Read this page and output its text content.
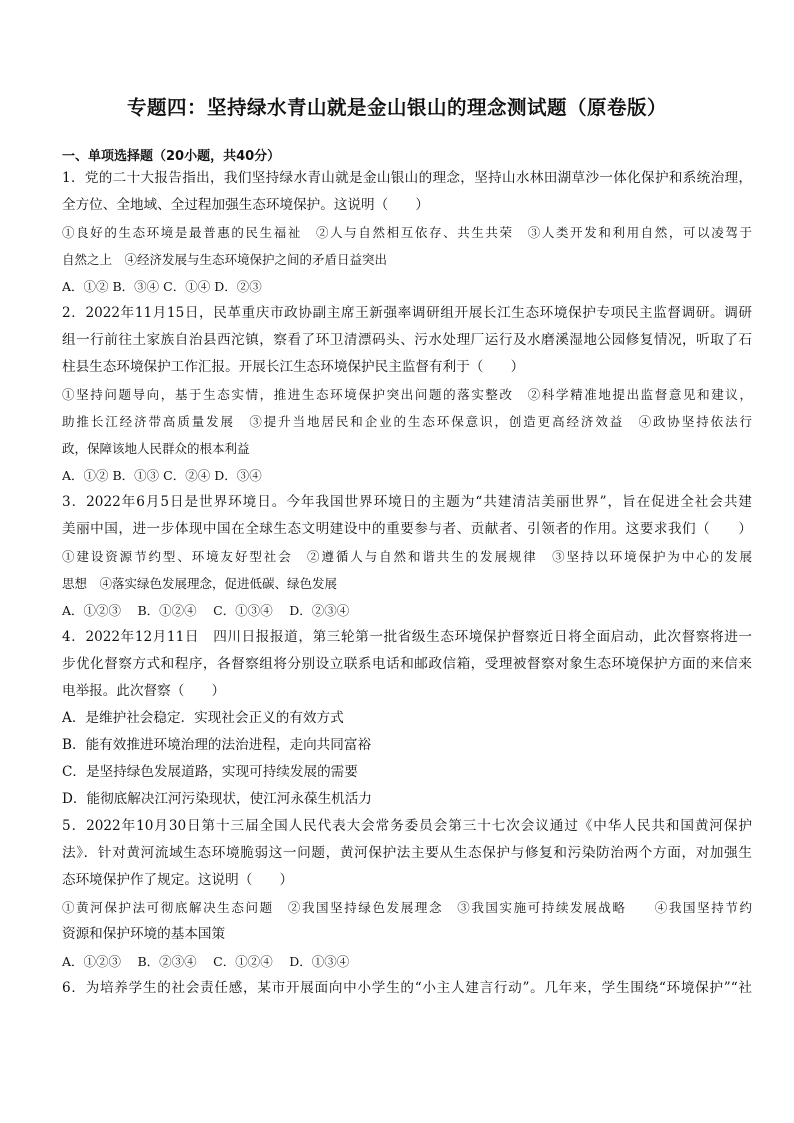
专题四：坚持绿水青山就是金山银山的理念测试题（原卷版）
一、单项选择题（20小题，共40分）
1．党的二十大报告指出，我们坚持绿水青山就是金山银山的理念，坚持山水林田湖草沙一体化保护和系统治理，
全方位、全地域、全过程加强生态环境保护。这说明（　　）
①良好的生态环境是最普惠的民生福祉　②人与自然相互依存、共生共荣　③人类开发和利用自然，可以凌驾于
自然之上　④经济发展与生态环境保护之间的矛盾日益突出
A．①② B．③④ C．①④ D．②③
2．2022年11月15日，民革重庆市政协副主席王新强率调研组开展长江生态环境保护专项民主监督调研。调研
组一行前往土家族自治县西沱镇，察看了环卫清漂码头、污水处理厂运行及水磨溪湿地公园修复情况，听取了石
柱县生态环境保护工作汇报。开展长江生态环境保护民主监督有利于（　　）
①坚持问题导向，基于生态实情，推进生态环境保护突出问题的落实整改　②科学精准地提出监督意见和建议，
助推长江经济带高质量发展　③提升当地居民和企业的生态环保意识，创造更高经济效益　④政协坚持依法行
政，保障该地人民群众的根本利益
A．①② B．①③ C．②④ D．③④
3．2022年6月5日是世界环境日。今年我国世界环境日的主题为“共建清洁美丽世界”，旨在促进全社会共建
美丽中国，进一步体现中国在全球生态文明建设中的重要参与者、贡献者、引领者的作用。这要求我们（　　）
①建设资源节约型、环境友好型社会　②遵循人与自然和谐共生的发展规律　③坚持以环境保护为中心的发展
思想　④落实绿色发展理念，促进低碳、绿色发展
A．①②③　 B．①②④　 C．①③④　 D．②③④
4．2022年12月11日　四川日报报道，第三轮第一批省级生态环境保护督察近日将全面启动，此次督察将进一
步优化督察方式和程序，各督察组将分别设立联系电话和邮政信箱，受理被督察对象生态环境保护方面的来信来
电举报。此次督察（　　）
A．是维护社会稳定．实现社会正义的有效方式
B．能有效推进环境治理的法治进程，走向共同富裕
C．是坚持绿色发展道路，实现可持续发展的需要
D．能彻底解决江河污染现状，使江河永葆生机活力
5．2022年10月30日第十三届全国人民代表大会常务委员会第三十七次会议通过《中华人民共和国黄河保护
法》．针对黄河流域生态环境脆弱这一问题，黄河保护法主要从生态保护与修复和污染防治两个方面，对加强生
态环境保护作了规定。这说明（　　）
①黄河保护法可彻底解决生态问题　②我国坚持绿色发展理念　③我国实施可持续发展战略　　④我国坚持节约
资源和保护环境的基本国策
A．①②③　 B．②③④　 C．①②④　 D．①③④
6．为培养学生的社会责任感，某市开展面向中小学生的“小主人建言行动”。几年来，学生围绕“环境保护”“社
